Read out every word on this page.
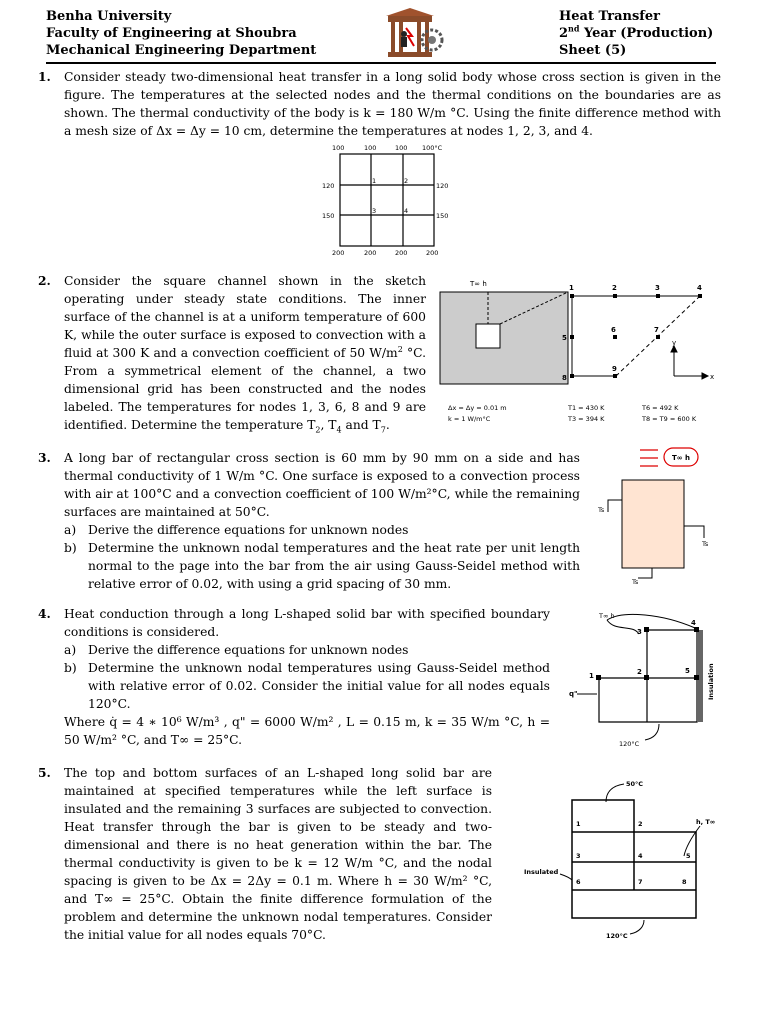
Benha University
Faculty of Engineering at Shoubra
Mechanical Engineering Department
Heat Transfer
2nd Year (Production)
Sheet (5)
1. Consider steady two-dimensional heat transfer in a long solid body whose cross section is given in the figure. The temperatures at the selected nodes and the thermal conditions on the boundaries are as shown. The thermal conductivity of the body is k = 180 W/m °C. Using the finite difference method with a mesh size of Δx = Δy = 10 cm, determine the temperatures at nodes 1, 2, 3, and 4.

100	100	100 100°C
120
150
120
150
200	200	200	200
1	2
3	4
2. Consider the square channel shown in the sketch operating under steady state conditions. The inner surface of the channel is at a uniform temperature of 600 K, while the outer surface is exposed to convection with a fluid at 300 K and a convection coefficient of 50 $W/m^2$ °C. From a symmetrical element of the channel, a two dimensional grid has been constructed and the nodes labeled. The temperatures for nodes 1, 3, 6, 8 and 9 are identified. Determine the temperature $T_2$, $T_4$ and $T_7$.

T∞ h	1	2	3	4
5
6	7
8
9
x
y
Δx = Δy = 0.01 m
k = 1 W/m°C
T1 = 430 K	T6 = 492 K
T3 = 394 K	T8 = T9 = 600 K
3. A long bar of rectangular cross section is 60 mm by 90 mm on a side and has thermal conductivity of 1 W/m °C. One surface is exposed to a convection process with air at 100°C and a convection coefficient of 100 W/m²°C, while the remaining surfaces are maintained at 50°C.

a) Derive the difference equations for unknown nodes
b) Determine the unknown nodal temperatures and the heat rate per unit length normal to the page into the bar from the air using Gauss-Seidel method with relative error of 0.02, with using a grid spacing of 30 mm.
T∞ h
Ts
Ts
Ts
4. Heat conduction through a long L-shaped solid bar with specified boundary conditions is considered.

a) Derive the difference equations for unknown nodes
b) Determine the unknown nodal temperatures using Gauss-Seidel method with relative error of 0.02. Consider the initial value for all nodes equals 120°C.

Where q̇ = 4 ∗ 10⁶ W/m³ , q" = 6000 W/m² , L = 0.15 m, k = 35 W/m °C, h = 50 W/m² °C, and T∞ = 25°C.

T∞ h
1	2
3
4
5
q"
120°C
Insulation
5. The top and bottom surfaces of an L-shaped long solid bar are maintained at specified temperatures while the left surface is insulated and the remaining 3 surfaces are subjected to convection. Heat transfer through the bar is given to be steady and two-dimensional and there is no heat generation within the bar. The thermal conductivity is given to be k = 12 W/m °C, and the nodal spacing is given to be Δx = 2Δy = 0.1 m. Where h = 30 W/m² °C, and T∞ = 25°C. Obtain the finite difference formulation of the problem and determine the unknown nodal temperatures. Consider the initial value for all nodes equals 70°C.

50°C
1	2
3	4	5
6	7	8
h, T∞
Insulated
120°C
